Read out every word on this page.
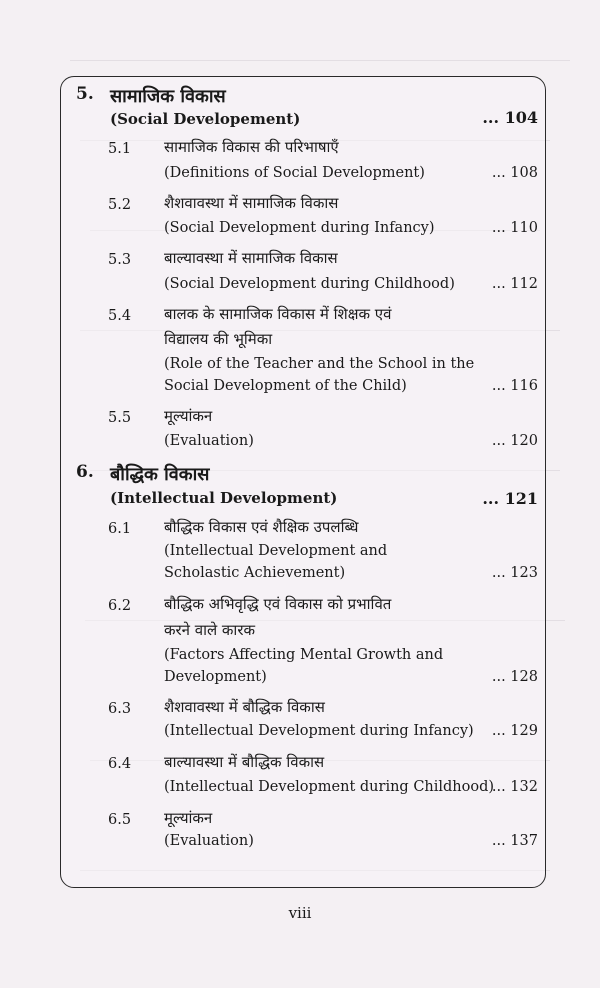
5. सामाजिक विकास
(Social Developement)	... 104
5.1 सामाजिक विकास की परिभाषाएँ
(Definitions of Social Development)	... 108
5.2 शैशवावस्था में सामाजिक विकास
(Social Development during Infancy)	... 110
5.3 बाल्यावस्था में सामाजिक विकास
(Social Development during Childhood)	... 112
5.4 बालक के सामाजिक विकास में शिक्षक एवं
विद्यालय की भूमिका
(Role of the Teacher and the School in the
Social Development of the Child)	... 116
5.5 मूल्यांकन
(Evaluation)	... 120
6. बौद्धिक विकास
(Intellectual Development)	... 121
6.1 बौद्धिक विकास एवं शैक्षिक उपलब्धि
(Intellectual Development and
Scholastic Achievement)	... 123
6.2 बौद्धिक अभिवृद्धि एवं विकास को प्रभावित
करने वाले कारक
(Factors Affecting Mental Growth and
Development)	... 128
6.3 शैशवावस्था में बौद्धिक विकास
(Intellectual Development during Infancy) ... 129
6.4 बाल्यावस्था में बौद्धिक विकास
(Intellectual Development during Childhood)
... 132
6.5 मूल्यांकन
(Evaluation)	... 137
viii
